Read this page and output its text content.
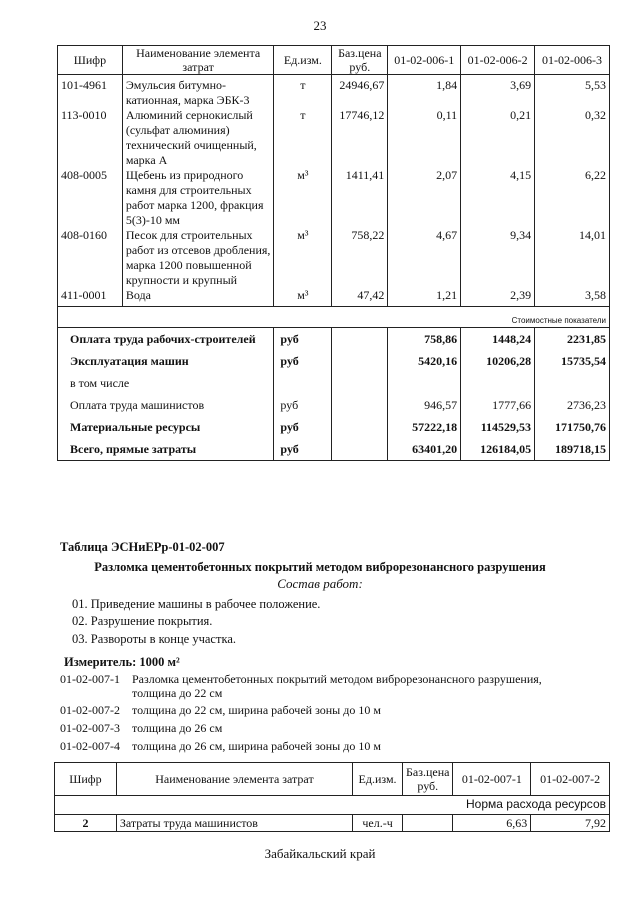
23
Шифр	Наименование элемента затрат	Ед.изм.	Баз.цена руб.	01-02-006-1	01-02-006-2	01-02-006-3
101-4961	Эмульсия битумно-катионная, марка ЭБК-3	т	24946,67	1,84	3,69	5,53
113-0010	Алюминий сернокислый (сульфат алюминия) технический очищенный, марка А	т	17746,12	0,11	0,21	0,32
408-0005	Щебень из природного камня для строительных работ марка 1200, фракция 5(3)-10 мм	м³	1411,41	2,07	4,15	6,22
408-0160	Песок для строительных работ из отсевов дробления, марка 1200 повышенной крупности и крупный	м³	758,22	4,67	9,34	14,01
411-0001	Вода	м³	47,42	1,21	2,39	3,58
Стоимостные показатели						
Оплата труда рабочих-строителей		руб		758,86	1448,24	2231,85
Эксплуатация машин		руб		5420,16	10206,28	15735,54
в том числе						
Оплата труда машинистов		руб		946,57	1777,66	2736,23
Материальные ресурсы		руб		57222,18	114529,53	171750,76
Всего, прямые затраты		руб		63401,20	126184,05	189718,15
Таблица ЭСНиЕРр-01-02-007
Разломка цементобетонных покрытий методом виброрезонансного разрушения
Состав работ:
01. Приведение машины в рабочее положение.
02. Разрушение покрытия.
03. Развороты в конце участка.
Измеритель: 1000 м²
01-02-007-1 Разломка цементобетонных покрытий методом виброрезонансного разрушения,
толщина до 22 см
01-02-007-2 толщина до 22 см, ширина рабочей зоны до 10 м
01-02-007-3 толщина до 26 см
01-02-007-4 толщина до 26 см, ширина рабочей зоны до 10 м
Шифр	Наименование элемента затрат	Ед.изм.	Баз.цена руб.	01-02-007-1	01-02-007-2
Норма расхода ресурсов					
2	Затраты труда машинистов	чел.-ч		6,63	7,92
Забайкальский край
